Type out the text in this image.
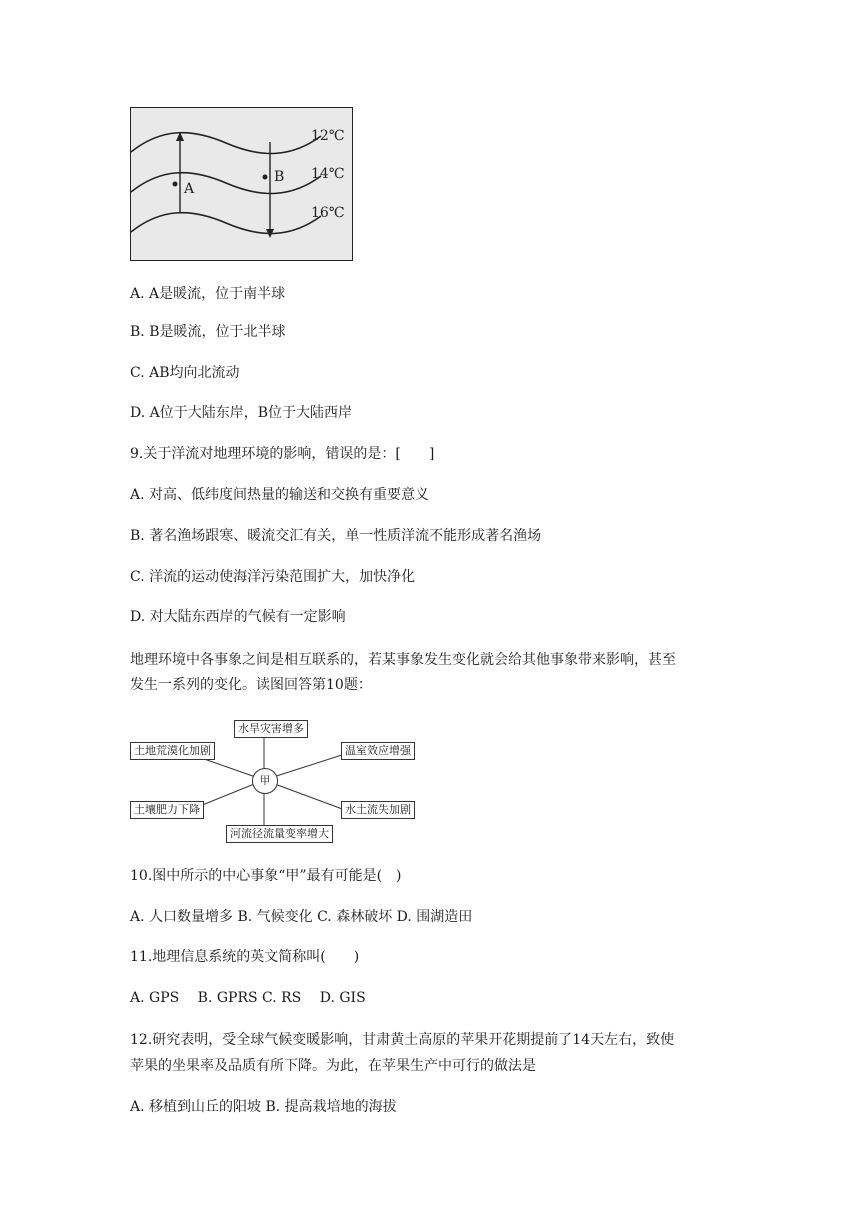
A
B
12℃
14℃
16℃
A. A是暖流，位于南半球
B. B是暖流，位于北半球
C. AB均向北流动
D. A位于大陆东岸，B位于大陆西岸
9.关于洋流对地理环境的影响，错误的是：[　　]
A. 对高、低纬度间热量的输送和交换有重要意义
B. 著名渔场跟寒、暖流交汇有关，单一性质洋流不能形成著名渔场
C. 洋流的运动使海洋污染范围扩大，加快净化
D. 对大陆东西岸的气候有一定影响
地理环境中各事象之间是相互联系的，若某事象发生变化就会给其他事象带来影响，甚至
发生一系列的变化。读图回答第10题：
水旱灾害增多
土地荒漠化加剧	温室效应增强
土壤肥力下降	水土流失加剧
河流径流量变率增大
甲
10.图中所示的中心事象“甲”最有可能是(　)
A. 人口数量增多 B. 气候变化 C. 森林破坏 D. 围湖造田
11.地理信息系统的英文简称叫(　　)
A. GPS　 B. GPRS C. RS　 D. GIS
12.研究表明，受全球气候变暖影响，甘肃黄土高原的苹果开花期提前了14天左右，致使
苹果的坐果率及品质有所下降。为此，在苹果生产中可行的做法是
A. 移植到山丘的阳坡 B. 提高栽培地的海拔
